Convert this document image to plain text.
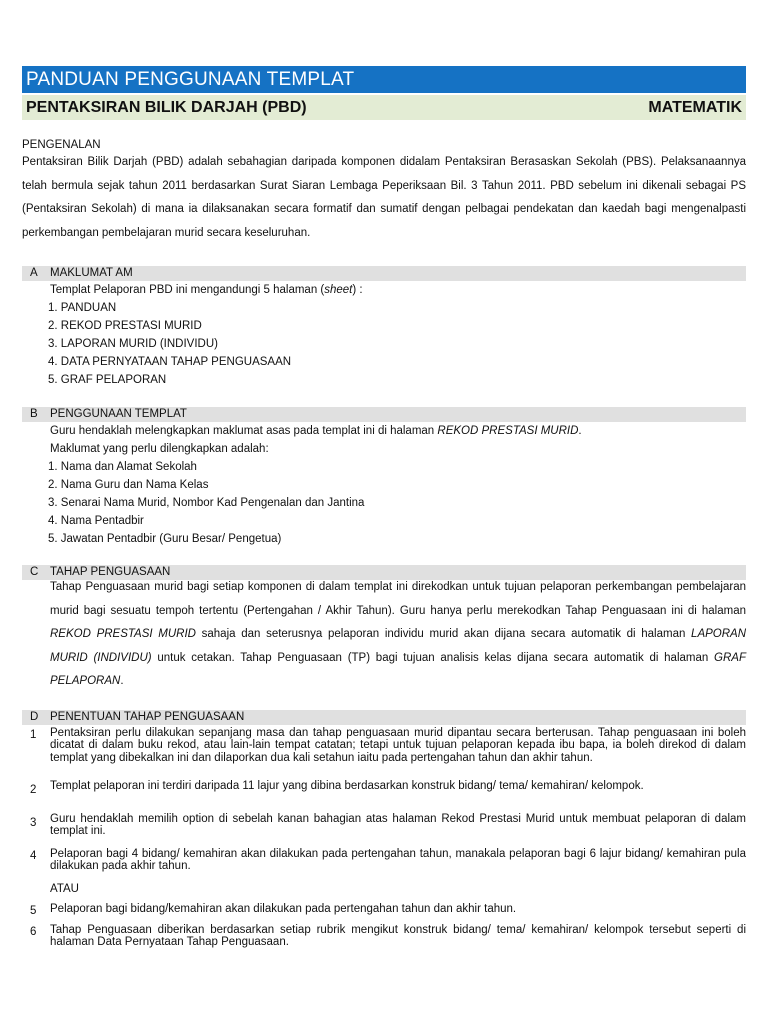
PANDUAN PENGGUNAAN TEMPLAT
PENTAKSIRAN BILIK DARJAH (PBD)	MATEMATIK
PENGENALAN
Pentaksiran Bilik Darjah (PBD) adalah sebahagian daripada komponen didalam Pentaksiran Berasaskan Sekolah (PBS). Pelaksanaannya telah bermula sejak tahun 2011 berdasarkan Surat Siaran Lembaga Peperiksaan Bil. 3 Tahun 2011. PBD sebelum ini dikenali sebagai PS (Pentaksiran Sekolah) di mana ia dilaksanakan secara formatif dan sumatif dengan pelbagai pendekatan dan kaedah bagi mengenalpasti perkembangan pembelajaran murid secara keseluruhan.
A	MAKLUMAT AM
Templat Pelaporan PBD ini mengandungi 5 halaman (sheet) :
1. PANDUAN
2. REKOD PRESTASI MURID
3. LAPORAN MURID (INDIVIDU)
4. DATA PERNYATAAN TAHAP PENGUASAAN
5. GRAF PELAPORAN
B	PENGGUNAAN TEMPLAT
Guru hendaklah melengkapkan maklumat asas pada templat ini di halaman REKOD PRESTASI MURID.
Maklumat yang perlu dilengkapkan adalah:
1. Nama dan Alamat Sekolah
2. Nama Guru dan Nama Kelas
3. Senarai Nama Murid, Nombor Kad Pengenalan dan Jantina
4. Nama Pentadbir
5. Jawatan Pentadbir (Guru Besar/ Pengetua)
C	TAHAP PENGUASAAN
Tahap Penguasaan murid bagi setiap komponen di dalam templat ini direkodkan untuk tujuan pelaporan perkembangan pembelajaran murid bagi sesuatu tempoh tertentu (Pertengahan / Akhir Tahun). Guru hanya perlu merekodkan Tahap Penguasaan ini di halaman REKOD PRESTASI MURID sahaja dan seterusnya pelaporan individu murid akan dijana secara automatik di halaman LAPORAN MURID (INDIVIDU) untuk cetakan. Tahap Penguasaan (TP) bagi tujuan analisis kelas dijana secara automatik di halaman GRAF PELAPORAN.
D	PENENTUAN TAHAP PENGUASAAN
1	Pentaksiran perlu dilakukan sepanjang masa dan tahap penguasaan murid dipantau secara berterusan. Tahap penguasaan ini boleh dicatat di dalam buku rekod, atau lain-lain tempat catatan; tetapi untuk tujuan pelaporan kepada ibu bapa, ia boleh direkod di dalam templat yang dibekalkan ini dan dilaporkan dua kali setahun iaitu pada pertengahan tahun dan akhir tahun.
2	Templat pelaporan ini terdiri daripada 11 lajur yang dibina berdasarkan konstruk bidang/ tema/ kemahiran/ kelompok.
3	Guru hendaklah memilih option di sebelah kanan bahagian atas halaman Rekod Prestasi Murid untuk membuat pelaporan di dalam templat ini.
4	Pelaporan bagi 4 bidang/ kemahiran akan dilakukan pada pertengahan tahun, manakala pelaporan bagi 6 lajur bidang/ kemahiran pula dilakukan pada akhir tahun.
ATAU
5	Pelaporan bagi bidang/kemahiran akan dilakukan pada pertengahan tahun dan akhir tahun.
6	Tahap Penguasaan diberikan berdasarkan setiap rubrik mengikut konstruk bidang/ tema/ kemahiran/ kelompok tersebut seperti di halaman Data Pernyataan Tahap Penguasaan.
